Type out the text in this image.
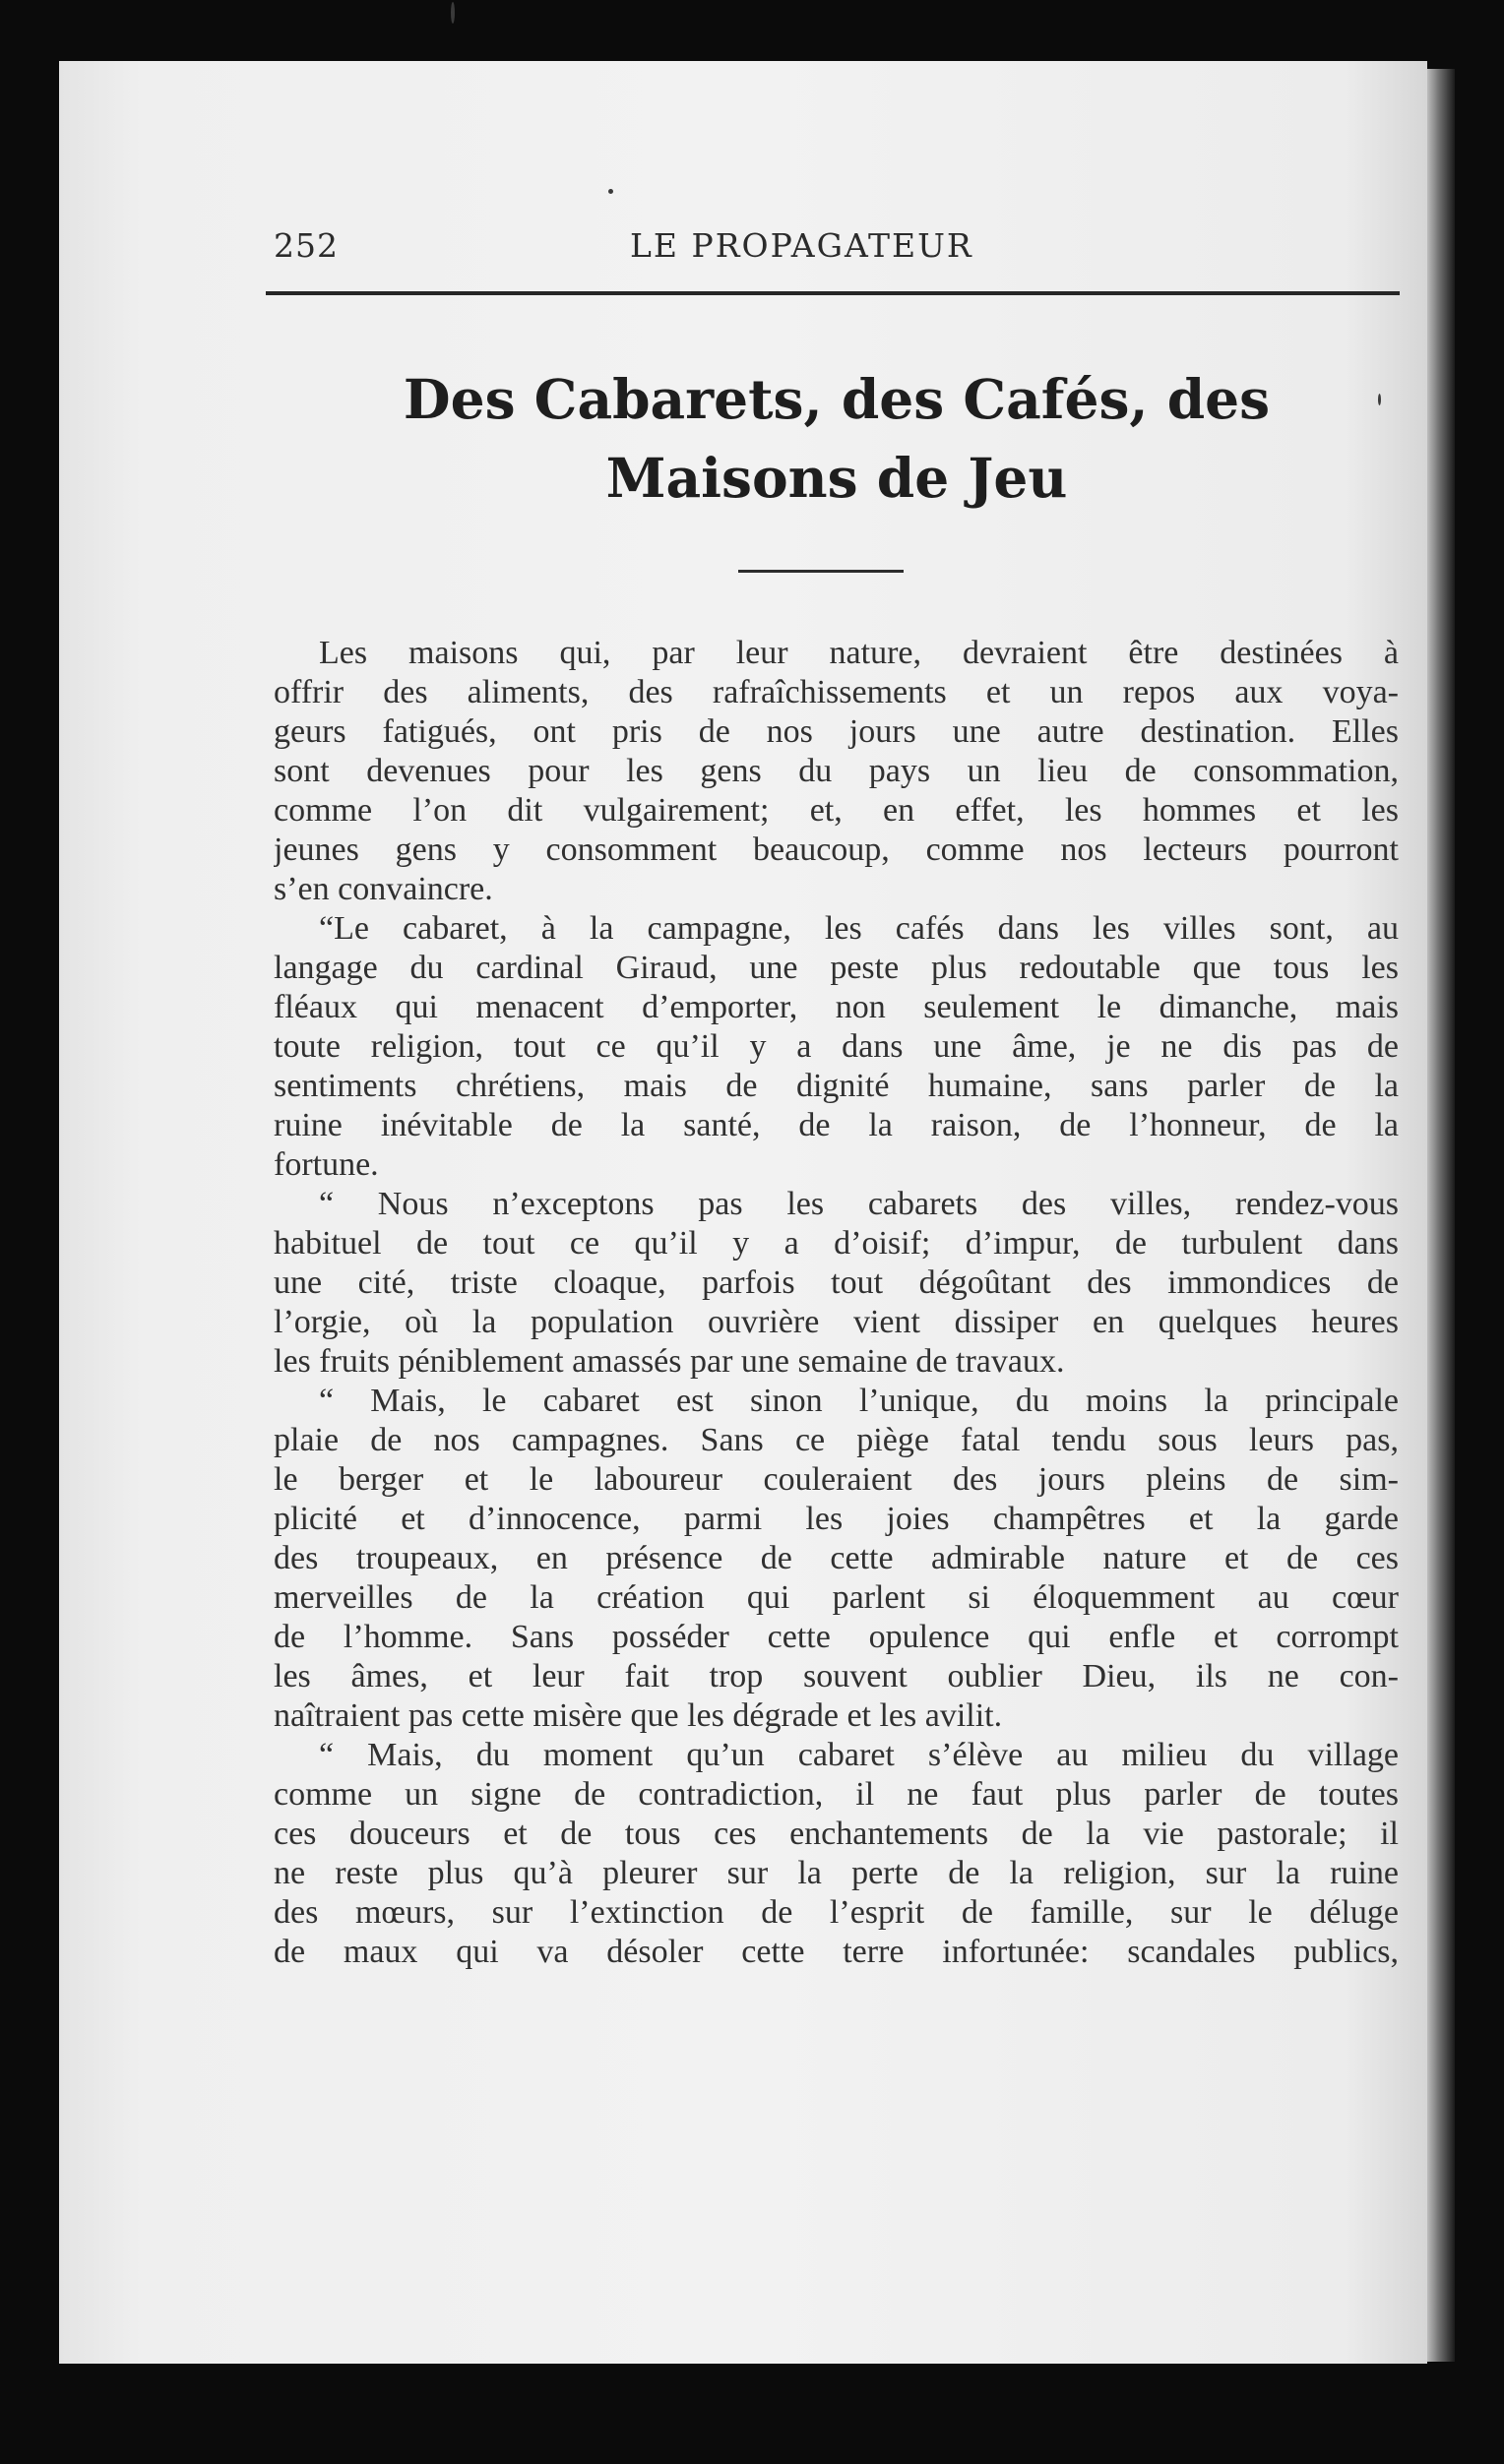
252	LE PROPAGATEUR
Des Cabarets, des Cafés, des
Maisons de Jeu
Les maisons qui, par leur nature, devraient être destinées à
offrir des aliments, des rafraîchissements et un repos aux voya-
geurs fatigués, ont pris de nos jours une autre destination. Elles
sont devenues pour les gens du pays un lieu de consommation,
comme l’on dit vulgairement; et, en effet, les hommes et les
jeunes gens y consomment beaucoup, comme nos lecteurs pourront
s’en convaincre.
“Le cabaret, à la campagne, les cafés dans les villes sont, au
langage du cardinal Giraud, une peste plus redoutable que tous les
fléaux qui menacent d’emporter, non seulement le dimanche, mais
toute religion, tout ce qu’il y a dans une âme, je ne dis pas de
sentiments chrétiens, mais de dignité humaine, sans parler de la
ruine inévitable de la santé, de la raison, de l’honneur, de la
fortune.
“ Nous n’exceptons pas les cabarets des villes, rendez-vous
habituel de tout ce qu’il y a d’oisif; d’impur, de turbulent dans
une cité, triste cloaque, parfois tout dégoûtant des immondices de
l’orgie, où la population ouvrière vient dissiper en quelques heures
les fruits péniblement amassés par une semaine de travaux.
“ Mais, le cabaret est sinon l’unique, du moins la principale
plaie de nos campagnes. Sans ce piège fatal tendu sous leurs pas,
le berger et le laboureur couleraient des jours pleins de sim-
plicité et d’innocence, parmi les joies champêtres et la garde
des troupeaux, en présence de cette admirable nature et de ces
merveilles de la création qui parlent si éloquemment au cœur
de l’homme. Sans posséder cette opulence qui enfle et corrompt
les âmes, et leur fait trop souvent oublier Dieu, ils ne con-
naîtraient pas cette misère que les dégrade et les avilit.
“ Mais, du moment qu’un cabaret s’élève au milieu du village
comme un signe de contradiction, il ne faut plus parler de toutes
ces douceurs et de tous ces enchantements de la vie pastorale; il
ne reste plus qu’à pleurer sur la perte de la religion, sur la ruine
des mœurs, sur l’extinction de l’esprit de famille, sur le déluge
de maux qui va désoler cette terre infortunée: scandales publics,
